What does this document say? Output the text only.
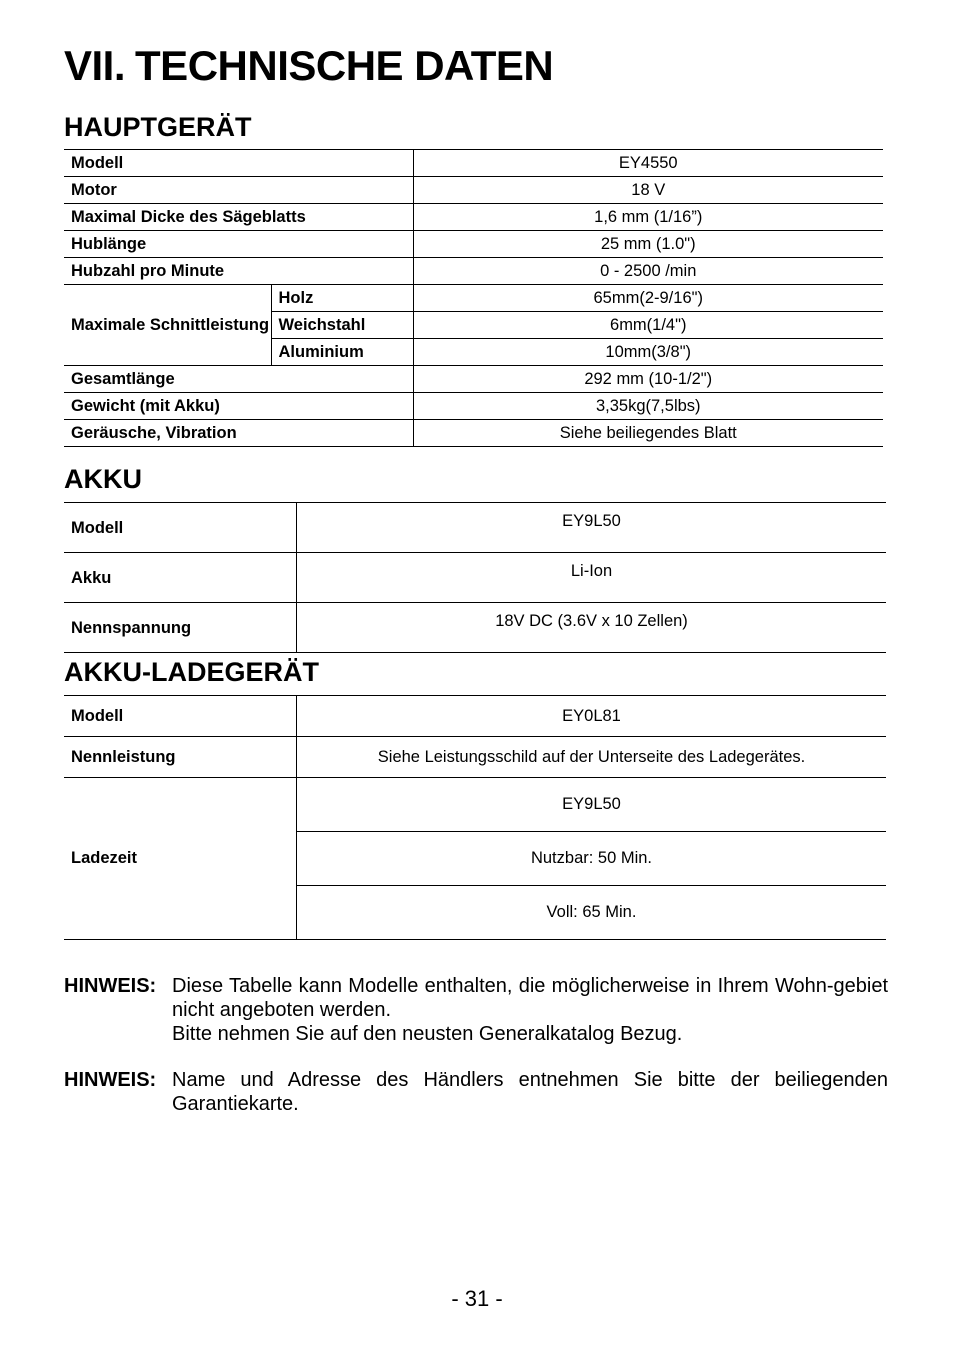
VII. TECHNISCHE DATEN
HAUPTGERÄT
Modell		EY4550
Motor		18 V
Maximal Dicke des Sägeblatts		1,6 mm (1/16”)
Hublänge		25 mm (1.0")
Hubzahl pro Minute		0 - 2500 /min
Maximale Schnittleistung	Holz	65mm(2-9/16")
	Weichstahl	6mm(1/4")
	Aluminium	10mm(3/8")
Gesamtlänge		292 mm (10-1/2")
Gewicht (mit Akku)		3,35kg(7,5lbs)
Geräusche, Vibration		Siehe beiliegendes Blatt
AKKU
Modell	EY9L50
Akku	Li-Ion
Nennspannung	18V DC (3.6V x 10 Zellen)
AKKU-LADEGERÄT
Modell	EY0L81
Nennleistung	Siehe Leistungsschild auf der Unterseite des Ladegerätes.
Ladezeit	EY9L50
	Nutzbar: 50 Min.
	Voll: 65 Min.
HINWEIS: Diese Tabelle kann Modelle enthalten, die möglicherweise in Ihrem Wohn-gebiet nicht angeboten werden.
Bitte nehmen Sie auf den neusten Generalkatalog Bezug.
HINWEIS: Name und Adresse des Händlers entnehmen Sie bitte der beiliegenden Garantiekarte.
- 31 -
